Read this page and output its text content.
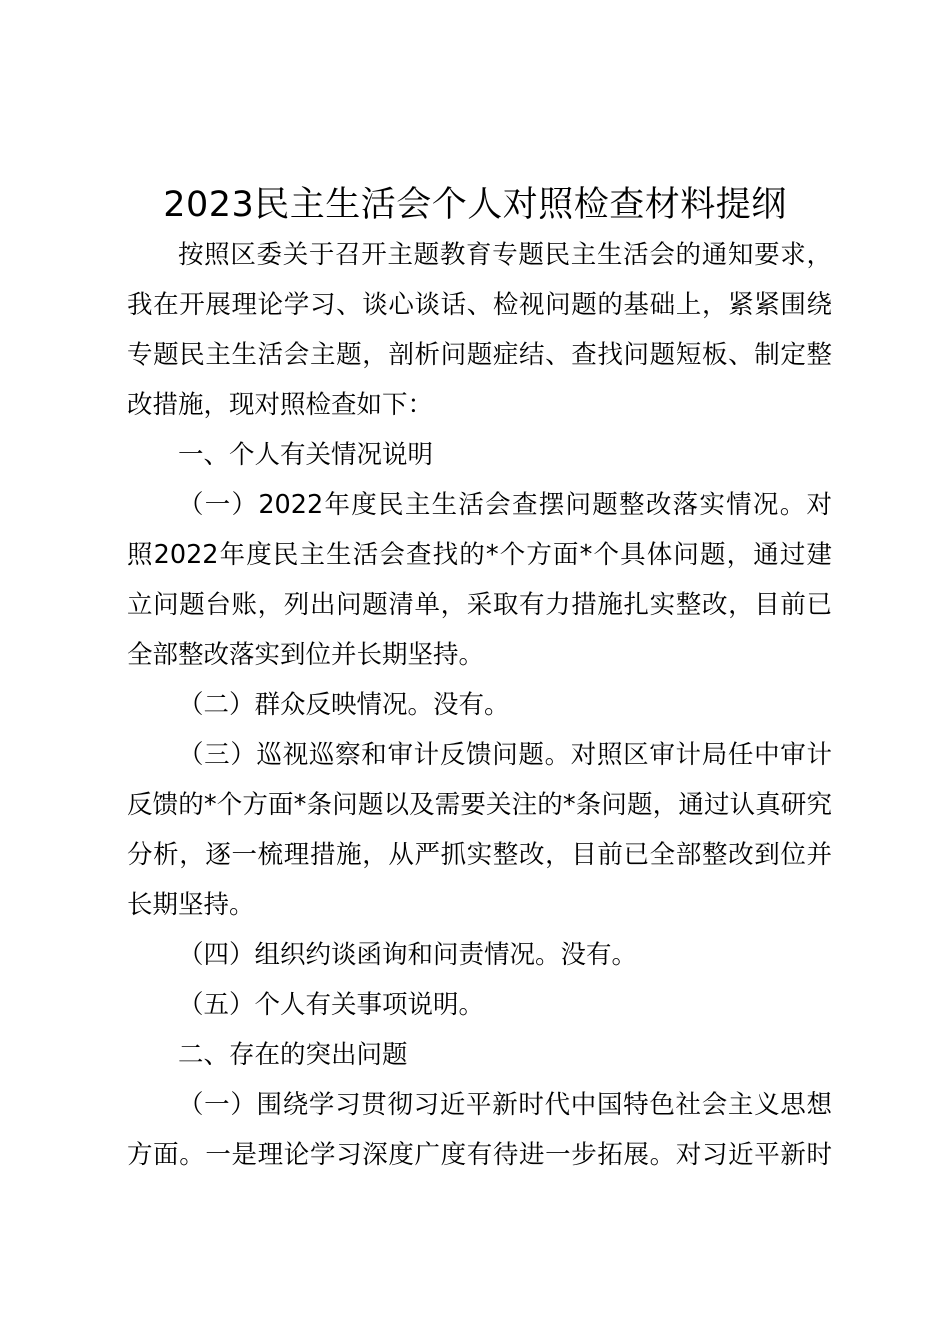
2023民主生活会个人对照检查材料提纲
按照区委关于召开主题教育专题民主生活会的通知要求，
我在开展理论学习、谈心谈话、检视问题的基础上，紧紧围绕
专题民主生活会主题，剖析问题症结、查找问题短板、制定整
改措施，现对照检查如下：
一、个人有关情况说明
（一）2022年度民主生活会查摆问题整改落实情况。对
照2022年度民主生活会查找的*个方面*个具体问题，通过建
立问题台账，列出问题清单，采取有力措施扎实整改，目前已
全部整改落实到位并长期坚持。
（二）群众反映情况。没有。
（三）巡视巡察和审计反馈问题。对照区审计局任中审计
反馈的*个方面*条问题以及需要关注的*条问题，通过认真研究
分析，逐一梳理措施，从严抓实整改，目前已全部整改到位并
长期坚持。
（四）组织约谈函询和问责情况。没有。
（五）个人有关事项说明。
二、存在的突出问题
（一）围绕学习贯彻习近平新时代中国特色社会主义思想
方面。一是理论学习深度广度有待进一步拓展。对习近平新时
